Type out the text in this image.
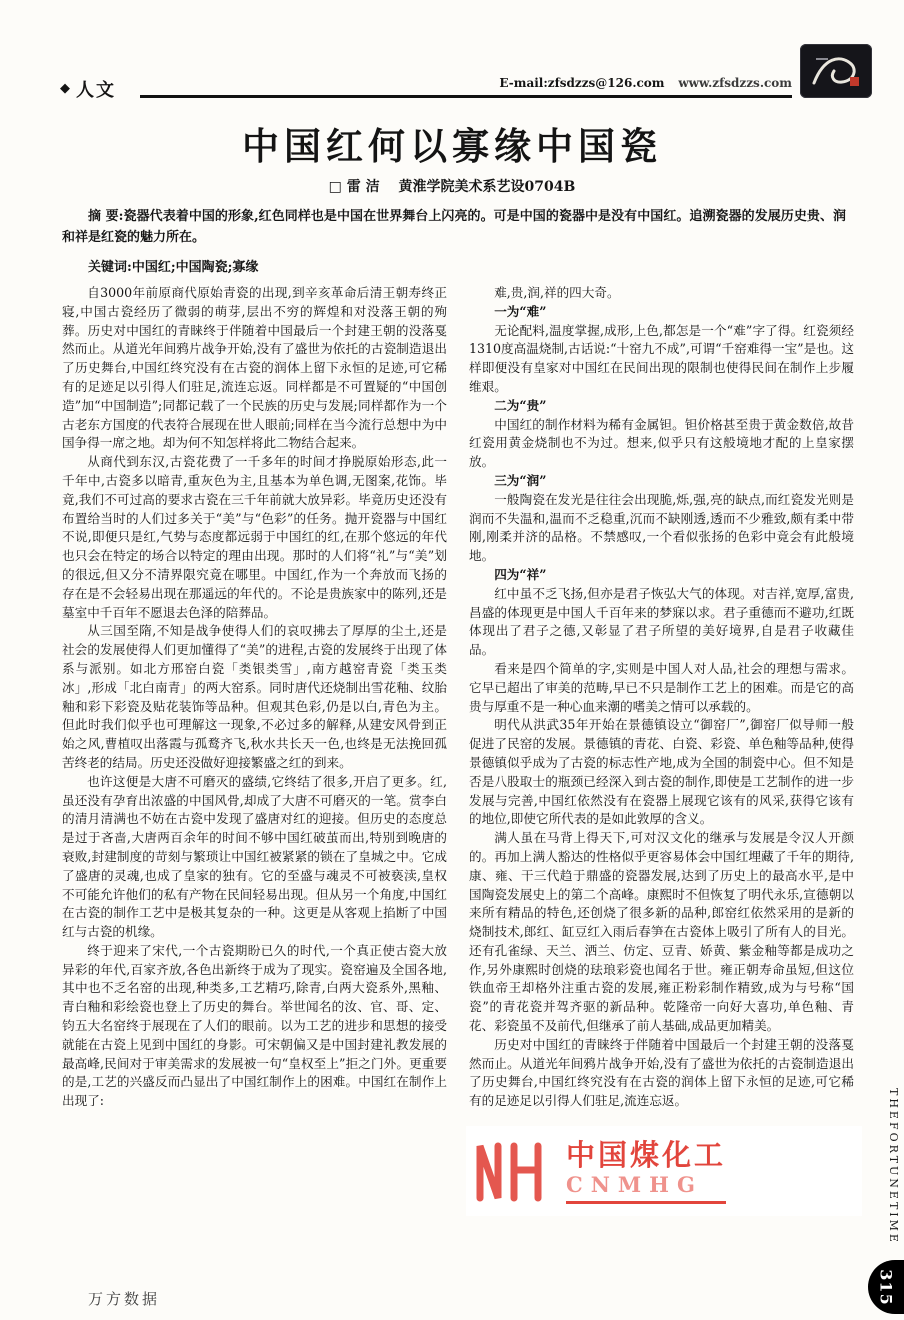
◆ 人文	E-mail:zfsdzzs@126.com www.zfsdzzs.com
中国红何以寡缘中国瓷
□ 雷 洁 黄淮学院美术系艺设0704B

摘 要:瓷器代表着中国的形象,红色同样也是中国在世界舞台上闪亮的。可是中国的瓷器中是没有中国红。追溯瓷器的发展历史贵、润和祥是红瓷的魅力所在。

关键词:中国红;中国陶瓷;寡缘

自3000年前原商代原始青瓷的出现,到辛亥革命后清王朝寿终正寝,中国古瓷经历了微弱的萌芽,层出不穷的辉煌和对没落王朝的殉葬。历史对中国红的青睐终于伴随着中国最后一个封建王朝的没落戛然而止。从道光年间鸦片战争开始,没有了盛世为依托的古瓷制造退出了历史舞台,中国红终究没有在古瓷的润体上留下永恒的足迹,可它稀有的足迹足以引得人们驻足,流连忘返。同样都是不可置疑的“中国创造”加“中国制造”;同都记载了一个民族的历史与发展;同样都作为一个古老东方国度的代表符合展现在世人眼前;同样在当今流行总想中为中国争得一席之地。却为何不知怎样将此二物结合起来。

从商代到东汉,古瓷花费了一千多年的时间才挣脱原始形态,此一千年中,古瓷多以暗青,重灰色为主,且基本为单色调,无图案,花饰。毕竟,我们不可过高的要求古瓷在三千年前就大放异彩。毕竟历史还没有布置给当时的人们过多关于“美”与“色彩”的任务。抛开瓷器与中国红不说,即便只是红,气势与态度都远弱于中国红的红,在那个悠远的年代也只会在特定的场合以特定的理由出现。那时的人们将“礼”与“美”划的很远,但又分不清界限究竟在哪里。中国红,作为一个奔放而飞扬的存在是不会轻易出现在那遥远的年代的。不论是贵族家中的陈列,还是墓室中千百年不愿退去色泽的陪葬品。

从三国至隋,不知是战争使得人们的哀叹拂去了厚厚的尘土,还是社会的发展使得人们更加懂得了“美”的进程,古瓷的发展终于出现了体系与派别。如北方邢窑白瓷「类银类雪」,南方越窑青瓷「类玉类冰」,形成「北白南青」的两大窑系。同时唐代还烧制出雪花釉、纹胎釉和彩下彩瓷及贴花装饰等品种。但观其色彩,仍是以白,青色为主。但此时我们似乎也可理解这一现象,不必过多的解释,从建安风骨到正始之风,曹植叹出落霞与孤鹜齐飞,秋水共长天一色,也终是无法挽回孤苦终老的结局。历史还没做好迎接繁盛之红的到来。

也许这便是大唐不可磨灭的盛绩,它终结了很多,开启了更多。红,虽还没有孕育出浓盛的中国风骨,却成了大唐不可磨灭的一笔。赏李白的清月清满也不妨在古瓷中发现了盛唐对红的迎接。但历史的态度总是过于吝啬,大唐两百余年的时间不够中国红破茧而出,特别到晚唐的衰败,封建制度的苛刻与繁琐让中国红被紧紧的锁在了皇城之中。它成了盛唐的灵魂,也成了皇家的独有。它的至盛与魂灵不可被亵渎,皇权不可能允许他们的私有产物在民间轻易出现。但从另一个角度,中国红在古瓷的制作工艺中是极其复杂的一种。这更是从客观上掐断了中国红与古瓷的机缘。

终于迎来了宋代,一个古瓷期盼已久的时代,一个真正使古瓷大放异彩的年代,百家齐放,各色出新终于成为了现实。瓷窑遍及全国各地,其中也不乏名窑的出现,种类多,工艺精巧,除青,白两大瓷系外,黑釉、青白釉和彩绘瓷也登上了历史的舞台。举世闻名的汝、官、哥、定、钧五大名窑终于展现在了人们的眼前。以为工艺的进步和思想的接受就能在古瓷上见到中国红的身影。可宋朝偏又是中国封建礼教发展的最高峰,民间对于审美需求的发展被一句“皇权至上”拒之门外。更重要的是,工艺的兴盛反而凸显出了中国红制作上的困难。中国红在制作上出现了:

难,贵,润,祥的四大奇。

一为“难”

无论配料,温度掌握,成形,上色,都怎是一个“难”字了得。红瓷须经1310度高温烧制,古话说:“十窑九不成”,可谓“千窑难得一宝”是也。这样即便没有皇家对中国红在民间出现的限制也使得民间在制作上步履维艰。

二为“贵”

中国红的制作材料为稀有金属钽。钽价格甚至贵于黄金数倍,故昔红瓷用黄金烧制也不为过。想来,似乎只有这般境地才配的上皇家摆放。

三为“润”

一般陶瓷在发光是往往会出现脆,烁,强,亮的缺点,而红瓷发光则是润而不失温和,温而不乏稳重,沉而不缺刚透,透而不少雅致,颇有柔中带刚,刚柔并济的品格。不禁感叹,一个看似张扬的色彩中竟会有此般境地。

四为“祥”

红中虽不乏飞扬,但亦是君子恢弘大气的体现。对吉祥,宽厚,富贵,昌盛的体现更是中国人千百年来的梦寐以求。君子重德而不避功,红既体现出了君子之德,又彰显了君子所望的美好境界,自是君子收藏佳品。

看来是四个简单的字,实则是中国人对人品,社会的理想与需求。它早已超出了审美的范畴,早已不只是制作工艺上的困难。而是它的高贵与厚重不是一种心血来潮的嗜美之情可以承载的。

明代从洪武35年开始在景德镇设立“御窑厂”,御窑厂似导师一般促进了民窑的发展。景德镇的青花、白瓷、彩瓷、单色釉等品种,使得景德镇似乎成为了古瓷的标志性产地,成为全国的制瓷中心。但不知是否是八股取士的瓶颈已经深入到古瓷的制作,即使是工艺制作的进一步发展与完善,中国红依然没有在瓷器上展现它该有的风采,获得它该有的地位,即使它所代表的是如此敦厚的含义。

满人虽在马背上得天下,可对汉文化的继承与发展是令汉人开颜的。再加上满人豁达的性格似乎更容易体会中国红埋藏了千年的期待,康、雍、干三代趋于鼎盛的瓷器发展,达到了历史上的最高水平,是中国陶瓷发展史上的第二个高峰。康熙时不但恢复了明代永乐,宣德朝以来所有精品的特色,还创烧了很多新的品种,郎窑红依然采用的是新的烧制技术,郎红、缸豆红入雨后春笋在古瓷体上吸引了所有人的目光。还有孔雀绿、天兰、洒兰、仿定、豆青、娇黄、紫金釉等都是成功之作,另外康熙时创烧的珐琅彩瓷也闻名于世。雍正朝寿命虽短,但这位铁血帝王却格外注重古瓷的发展,雍正粉彩制作精致,成为与号称“国瓷”的青花瓷并驾齐驱的新品种。乾隆帝一向好大喜功,单色釉、青花、彩瓷虽不及前代,但继承了前人基础,成品更加精美。

历史对中国红的青睐终于伴随着中国最后一个封建王朝的没落戛然而止。从道光年间鸦片战争开始,没有了盛世为依托的古瓷制造退出了历史舞台,中国红终究没有在古瓷的润体上留下永恒的足迹,可它稀有的足迹足以引得人们驻足,流连忘返。	THEFORTUNETIME
315
万方数据
中国煤化工
CNMHG
